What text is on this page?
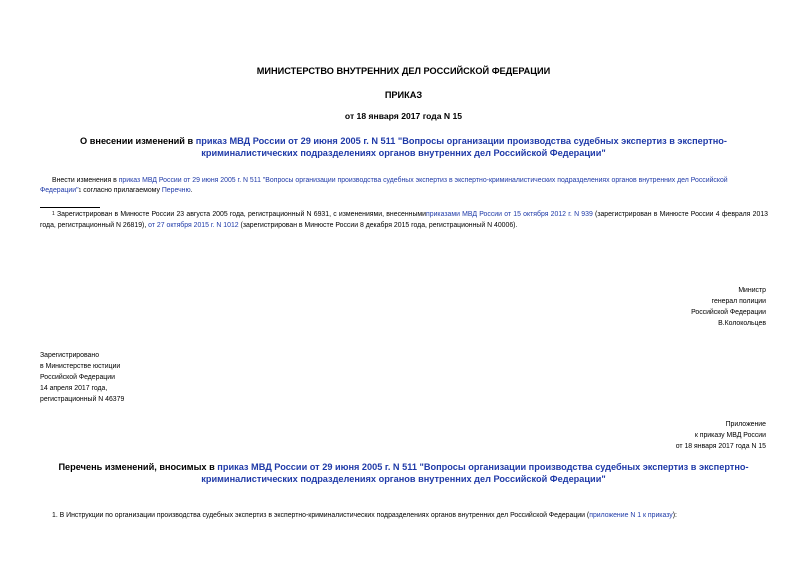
МИНИСТЕРСТВО ВНУТРЕННИХ ДЕЛ РОССИЙСКОЙ ФЕДЕРАЦИИ
ПРИКАЗ
от 18 января 2017 года N 15
О внесении изменений в приказ МВД России от 29 июня 2005 г. N 511 "Вопросы организации производства судебных экспертиз в экспертно-криминалистических подразделениях органов внутренних дел Российской Федерации"
Внести изменения в приказ МВД России от 29 июня 2005 г. N 511 "Вопросы организации производства судебных экспертиз в экспертно-криминалистических подразделениях органов внутренних дел Российской Федерации"$^1$ согласно прилагаемому Перечню.
$^1$ Зарегистрирован в Минюсте России 23 августа 2005 года, регистрационный N 6931, с изменениями, внесеннымиприказами МВД России от 15 октября 2012 г. N 939 (зарегистрирован в Минюсте России 4 февраля 2013 года, регистрационный N 26819), от 27 октября 2015 г. N 1012 (зарегистрирован в Минюсте России 8 декабря 2015 года, регистрационный N 40006).
Министр
генерал полиции
Российской Федерации
В.Колокольцев
Зарегистрировано
в Министерстве юстиции
Российской Федерации
14 апреля 2017 года,
регистрационный N 46379
Приложение
к приказу МВД России
от 18 января 2017 года N 15
Перечень изменений, вносимых в приказ МВД России от 29 июня 2005 г. N 511 "Вопросы организации производства судебных экспертиз в экспертно-криминалистических подразделениях органов внутренних дел Российской Федерации"
1. В Инструкции по организации производства судебных экспертиз в экспертно-криминалистических подразделениях органов внутренних дел Российской Федерации (приложение N 1 к приказу):
